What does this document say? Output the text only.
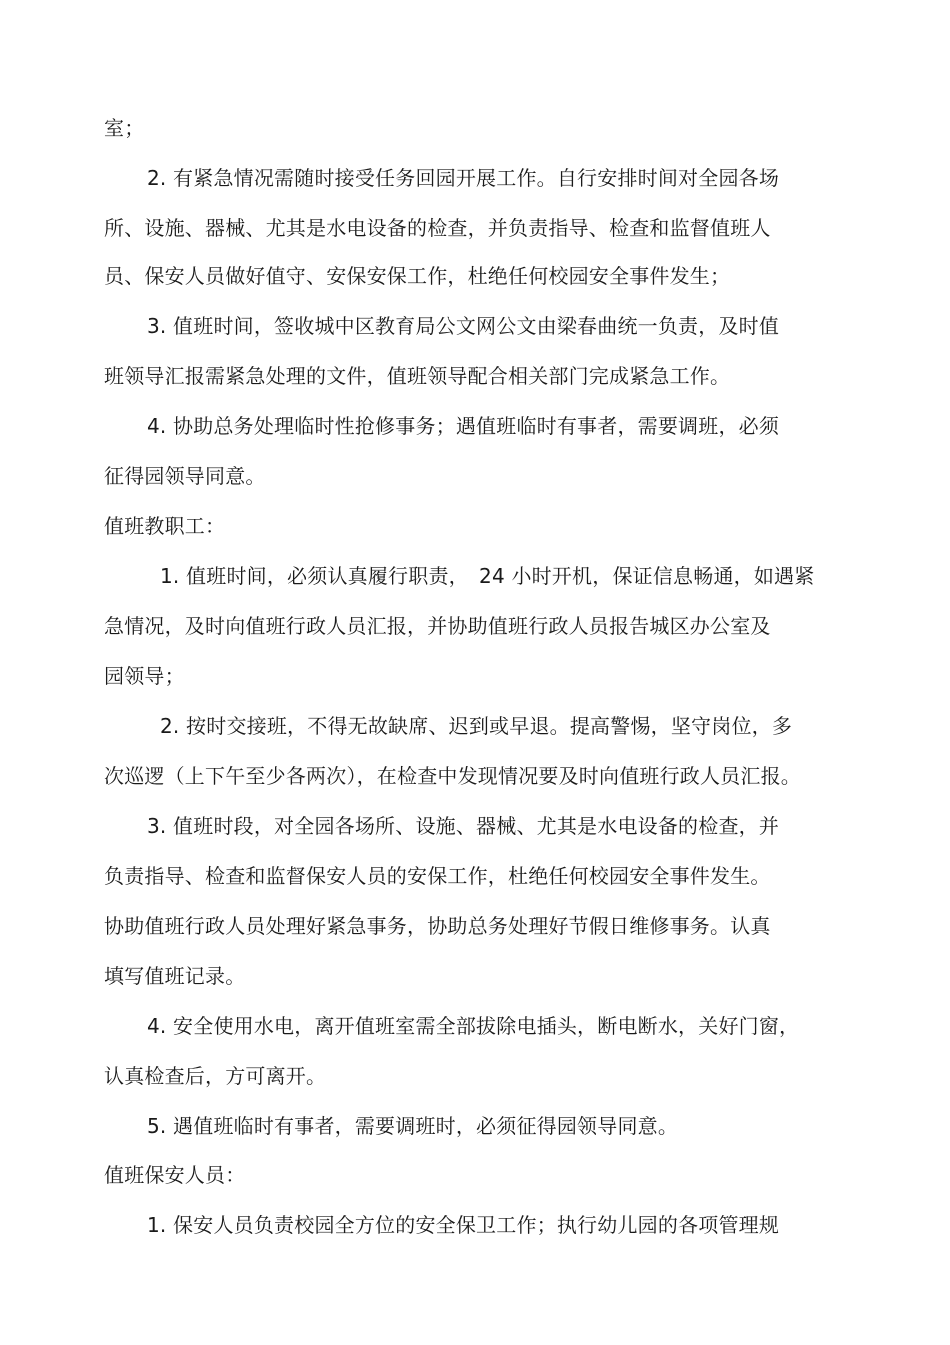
室；
2. 有紧急情况需随时接受任务回园开展工作。自行安排时间对全园各场
所、设施、器械、尤其是水电设备的检查，并负责指导、检查和监督值班人
员、保安人员做好值守、安保安保工作，杜绝任何校园安全事件发生；
3. 值班时间，签收城中区教育局公文网公文由梁春曲统一负责，及时值
班领导汇报需紧急处理的文件，值班领导配合相关部门完成紧急工作。
4. 协助总务处理临时性抢修事务；遇值班临时有事者，需要调班，必须
征得园领导同意。
值班教职工：
1. 值班时间，必须认真履行职责，　24 小时开机，保证信息畅通，如遇紧
急情况，及时向值班行政人员汇报，并协助值班行政人员报告城区办公室及
园领导；
2. 按时交接班，不得无故缺席、迟到或早退。提高警惕，坚守岗位，多
次巡逻（上下午至少各两次），在检查中发现情况要及时向值班行政人员汇报。
3. 值班时段，对全园各场所、设施、器械、尤其是水电设备的检查，并
负责指导、检查和监督保安人员的安保工作，杜绝任何校园安全事件发生。
协助值班行政人员处理好紧急事务，协助总务处理好节假日维修事务。认真
填写值班记录。
4. 安全使用水电，离开值班室需全部拔除电插头，断电断水，关好门窗，
认真检查后，方可离开。
5. 遇值班临时有事者，需要调班时，必须征得园领导同意。
值班保安人员：
1. 保安人员负责校园全方位的安全保卫工作；执行幼儿园的各项管理规
